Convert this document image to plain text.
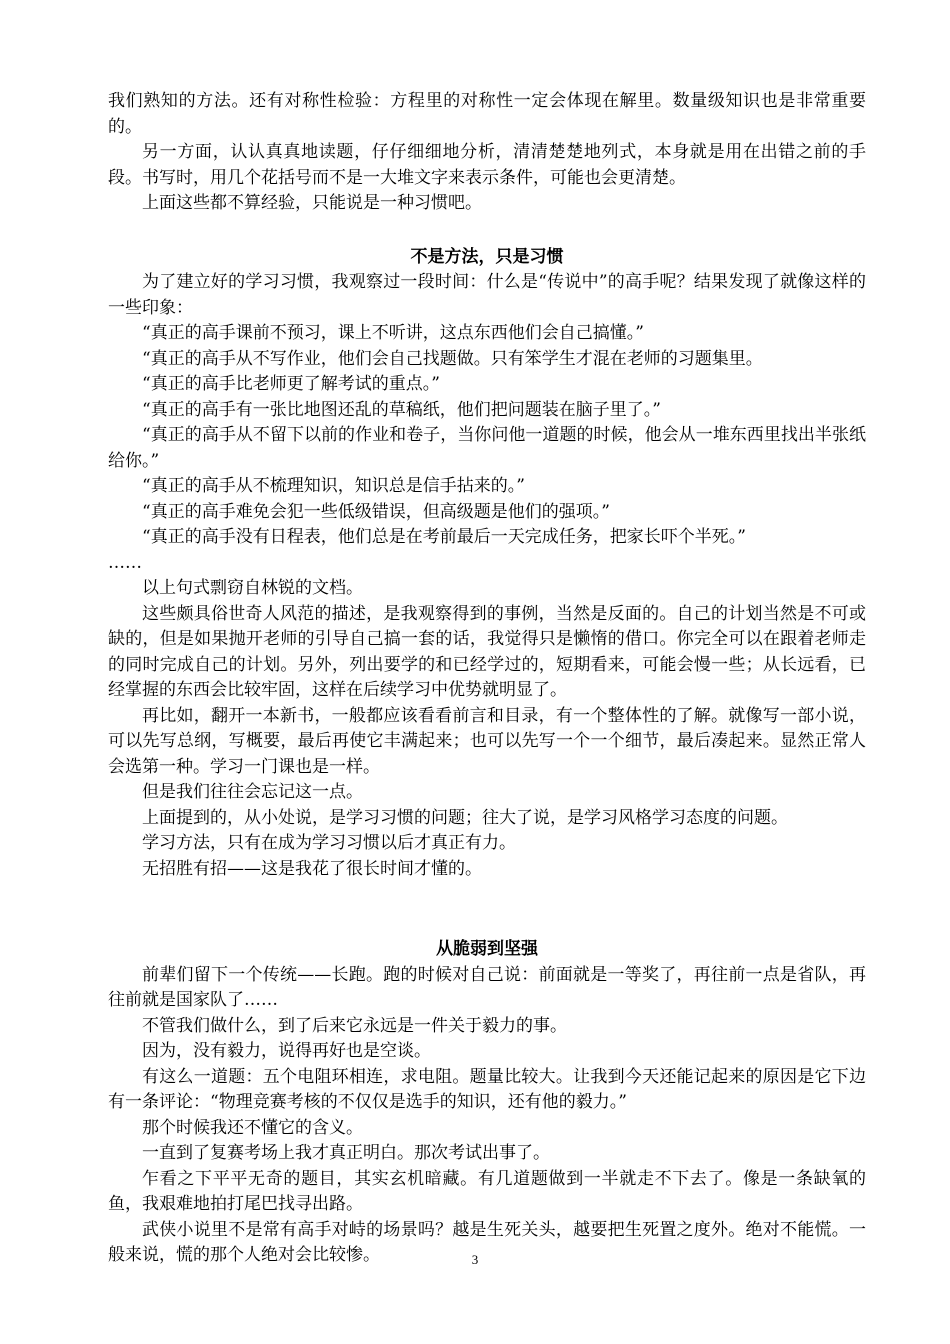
我们熟知的方法。还有对称性检验：方程里的对称性一定会体现在解里。数量级知识也是非常重要的。

另一方面，认认真真地读题，仔仔细细地分析，清清楚楚地列式，本身就是用在出错之前的手段。书写时，用几个花括号而不是一大堆文字来表示条件，可能也会更清楚。

上面这些都不算经验，只能说是一种习惯吧。

不是方法，只是习惯

为了建立好的学习习惯，我观察过一段时间：什么是“传说中”的高手呢？结果发现了就像这样的一些印象：

“真正的高手课前不预习，课上不听讲，这点东西他们会自己搞懂。”

“真正的高手从不写作业，他们会自己找题做。只有笨学生才混在老师的习题集里。

“真正的高手比老师更了解考试的重点。”

“真正的高手有一张比地图还乱的草稿纸，他们把问题装在脑子里了。”

“真正的高手从不留下以前的作业和卷子，当你问他一道题的时候，他会从一堆东西里找出半张纸给你。”

“真正的高手从不梳理知识，知识总是信手拈来的。”

“真正的高手难免会犯一些低级错误，但高级题是他们的强项。”

“真正的高手没有日程表，他们总是在考前最后一天完成任务，把家长吓个半死。”

……

以上句式剽窃自林锐的文档。

这些颇具俗世奇人风范的描述，是我观察得到的事例，当然是反面的。自己的计划当然是不可或缺的，但是如果抛开老师的引导自己搞一套的话，我觉得只是懒惰的借口。你完全可以在跟着老师走的同时完成自己的计划。另外，列出要学的和已经学过的，短期看来，可能会慢一些；从长远看，已经掌握的东西会比较牢固，这样在后续学习中优势就明显了。

再比如，翻开一本新书，一般都应该看看前言和目录，有一个整体性的了解。就像写一部小说，可以先写总纲，写概要，最后再使它丰满起来；也可以先写一个一个细节，最后凑起来。显然正常人会选第一种。学习一门课也是一样。

但是我们往往会忘记这一点。

上面提到的，从小处说，是学习习惯的问题；往大了说，是学习风格学习态度的问题。

学习方法，只有在成为学习习惯以后才真正有力。

无招胜有招——这是我花了很长时间才懂的。

从脆弱到坚强

前辈们留下一个传统——长跑。跑的时候对自己说：前面就是一等奖了，再往前一点是省队，再往前就是国家队了……

不管我们做什么，到了后来它永远是一件关于毅力的事。

因为，没有毅力，说得再好也是空谈。

有这么一道题：五个电阻环相连，求电阻。题量比较大。让我到今天还能记起来的原因是它下边有一条评论：“物理竞赛考核的不仅仅是选手的知识，还有他的毅力。”

那个时候我还不懂它的含义。

一直到了复赛考场上我才真正明白。那次考试出事了。

乍看之下平平无奇的题目，其实玄机暗藏。有几道题做到一半就走不下去了。像是一条缺氧的鱼，我艰难地拍打尾巴找寻出路。

武侠小说里不是常有高手对峙的场景吗？越是生死关头，越要把生死置之度外。绝对不能慌。一般来说，慌的那个人绝对会比较惨。	3
